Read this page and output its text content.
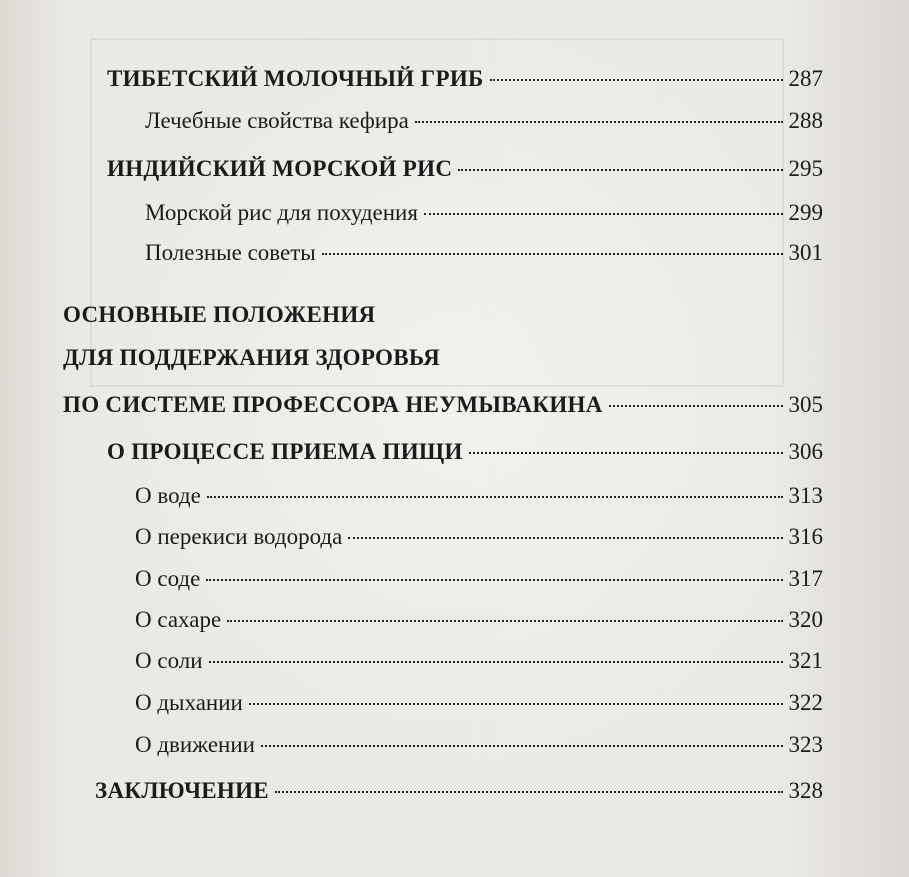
ТИБЕТСКИЙ МОЛОЧНЫЙ ГРИБ	287
Лечебные свойства кефира	288
ИНДИЙСКИЙ МОРСКОЙ РИС	295
Морской рис для похудения	299
Полезные советы	301
ОСНОВНЫЕ ПОЛОЖЕНИЯ
ДЛЯ ПОДДЕРЖАНИЯ ЗДОРОВЬЯ
ПО СИСТЕМЕ ПРОФЕССОРА НЕУМЫВАКИНА	305
О ПРОЦЕССЕ ПРИЕМА ПИЩИ	306
О воде	313
О перекиси водорода	316
О соде	317
О сахаре	320
О соли	321
О дыхании	322
О движении	323
ЗАКЛЮЧЕНИЕ	328
